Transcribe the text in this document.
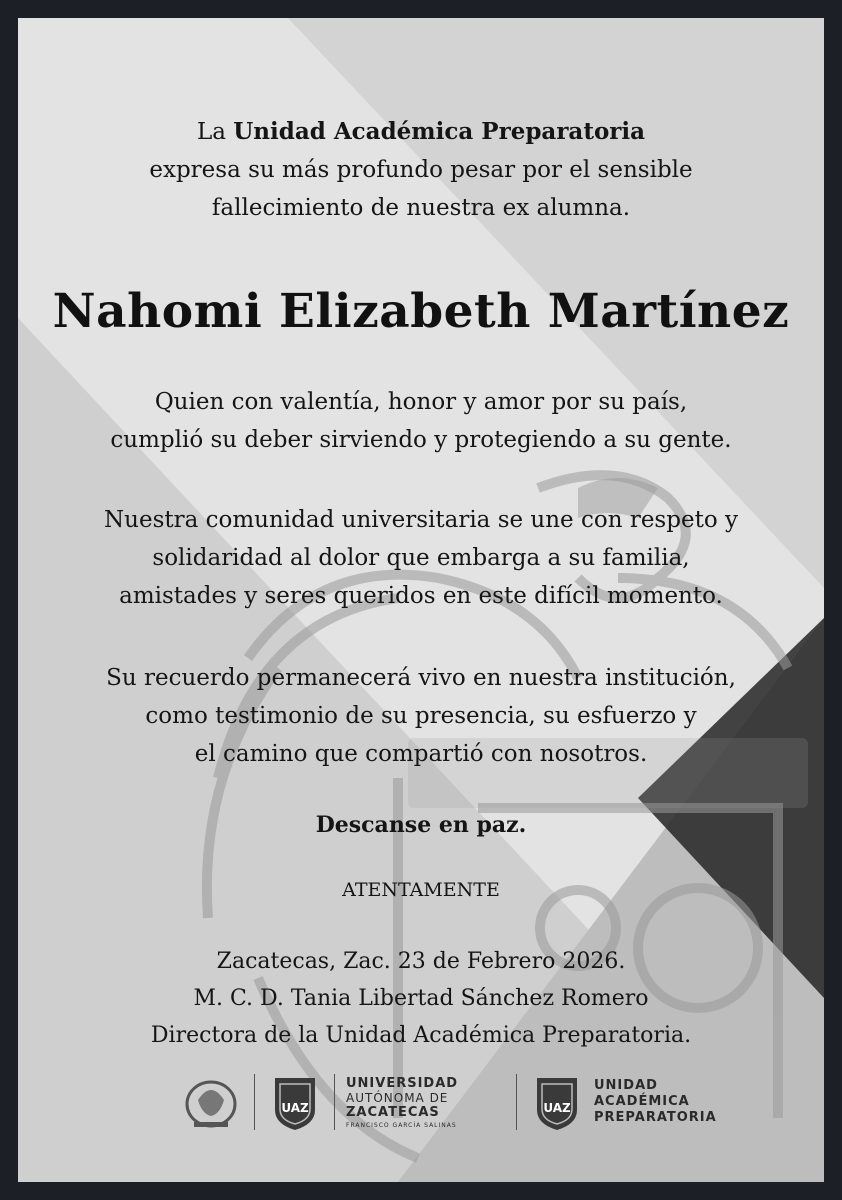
La Unidad Académica Preparatoria
expresa su más profundo pesar por el sensible
fallecimiento de nuestra ex alumna.
Nahomi Elizabeth Martínez
Quien con valentía, honor y amor por su país,
cumplió su deber sirviendo y protegiendo a su gente.
Nuestra comunidad universitaria se une con respeto y
solidaridad al dolor que embarga a su familia,
amistades y seres queridos en este difícil momento.
Su recuerdo permanecerá vivo en nuestra institución,
como testimonio de su presencia, su esfuerzo y
el camino que compartió con nosotros.
Descanse en paz.
ATENTAMENTE
Zacatecas, Zac. 23 de Febrero 2026.
M. C. D. Tania Libertad Sánchez Romero
Directora de la Unidad Académica Preparatoria.
UAZ
UNIVERSIDAD
AUTÓNOMA DE
ZACATECAS
FRANCISCO GARCÍA SALINAS
UAZ
UNIDAD
ACADÉMICA
PREPARATORIA
